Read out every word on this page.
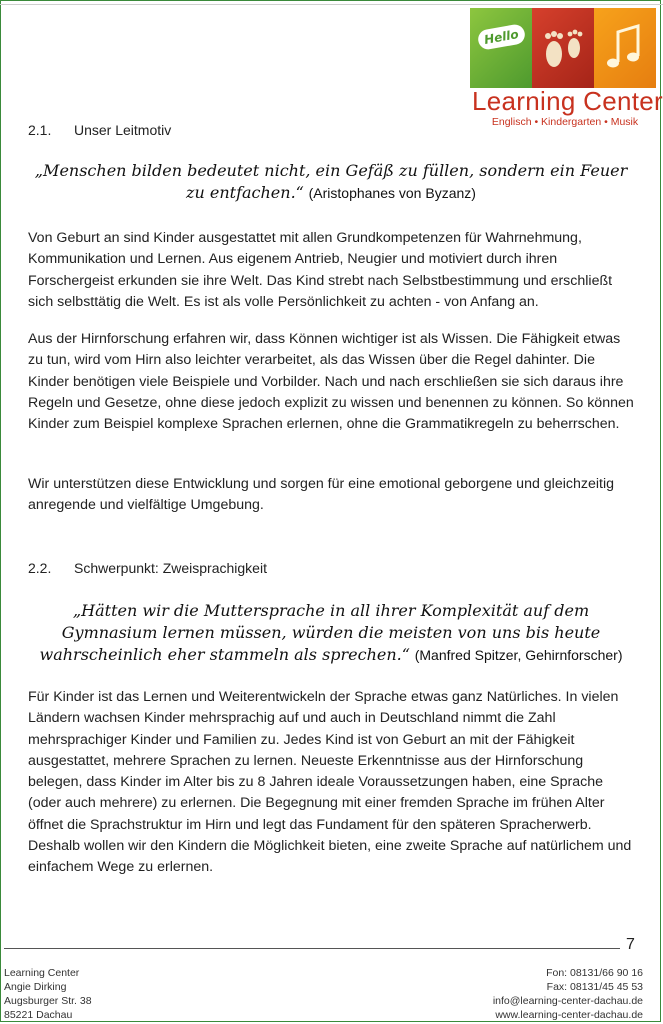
Hello
Learning Center
Englisch • Kindergarten • Musik
2.1. Unser Leitmotiv
„Menschen bilden bedeutet nicht, ein Gefäß zu füllen, sondern ein Feuer zu entfachen.“ (Aristophanes von Byzanz)

Von Geburt an sind Kinder ausgestattet mit allen Grundkompetenzen für Wahrnehmung, Kommunikation und Lernen. Aus eigenem Antrieb, Neugier und motiviert durch ihren Forschergeist erkunden sie ihre Welt. Das Kind strebt nach Selbstbestimmung und erschließt sich selbsttätig die Welt. Es ist als volle Persönlichkeit zu achten - von Anfang an.

Aus der Hirnforschung erfahren wir, dass Können wichtiger ist als Wissen. Die Fähigkeit etwas zu tun, wird vom Hirn also leichter verarbeitet, als das Wissen über die Regel dahinter. Die Kinder benötigen viele Beispiele und Vorbilder. Nach und nach erschließen sie sich daraus ihre Regeln und Gesetze, ohne diese jedoch explizit zu wissen und benennen zu können. So können Kinder zum Beispiel komplexe Sprachen erlernen, ohne die Grammatikregeln zu beherrschen.

Wir unterstützen diese Entwicklung und sorgen für eine emotional geborgene und gleichzeitig anregende und vielfältige Umgebung.

2.2. Schwerpunkt: Zweisprachigkeit
„Hätten wir die Muttersprache in all ihrer Komplexität auf dem Gymnasium lernen müssen, würden die meisten von uns bis heute wahrscheinlich eher stammeln als sprechen.“ (Manfred Spitzer, Gehirnforscher)

Für Kinder ist das Lernen und Weiterentwickeln der Sprache etwas ganz Natürliches. In vielen Ländern wachsen Kinder mehrsprachig auf und auch in Deutschland nimmt die Zahl mehrsprachiger Kinder und Familien zu. Jedes Kind ist von Geburt an mit der Fähigkeit ausgestattet, mehrere Sprachen zu lernen. Neueste Erkenntnisse aus der Hirnforschung belegen, dass Kinder im Alter bis zu 8 Jahren ideale Voraussetzungen haben, eine Sprache (oder auch mehrere) zu erlernen. Die Begegnung mit einer fremden Sprache im frühen Alter öffnet die Sprachstruktur im Hirn und legt das Fundament für den späteren Spracherwerb. Deshalb wollen wir den Kindern die Möglichkeit bieten, eine zweite Sprache auf natürlichem und einfachem Wege zu erlernen.

7
Learning Center
Angie Dirking
Augsburger Str. 38
85221 Dachau
Fon: 08131/66 90 16
Fax: 08131/45 45 53
info@learning-center-dachau.de
www.learning-center-dachau.de
